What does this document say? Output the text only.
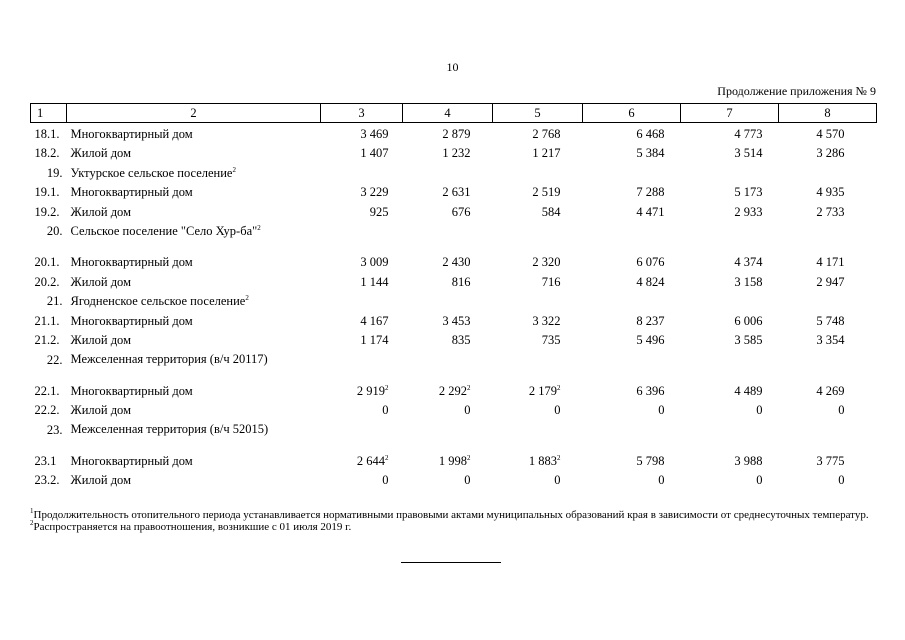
10
Продолжение приложения № 9
1	2	3	4	5	6	7	8
18.1.	Многоквартирный дом	3 469	2 879	2 768	6 468	4 773	4 570
18.2.	Жилой дом	1 407	1 232	1 217	5 384	3 514	3 286
19.	Уктурское сельское поселение$^2$						
19.1.	Многоквартирный дом	3 229	2 631	2 519	7 288	5 173	4 935
19.2.	Жилой дом	925	676	584	4 471	2 933	2 733
20.	Сельское поселение "Село Хур-ба"$^2$						
20.1.	Многоквартирный дом	3 009	2 430	2 320	6 076	4 374	4 171
20.2.	Жилой дом	1 144	816	716	4 824	3 158	2 947
21.	Ягодненское сельское поселение$^2$						
21.1.	Многоквартирный дом	4 167	3 453	3 322	8 237	6 006	5 748
21.2.	Жилой дом	1 174	835	735	5 496	3 585	3 354
22.	Межселенная территория (в/ч 20117)						

22.1.	Многоквартирный дом	2 $919^2$	2 $292^2$	2 $179^2$	6 396	4 489	4 269
22.2.	Жилой дом	0	0	0	0	0	0
23.	Межселенная территория (в/ч 52015)						

23.1	Многоквартирный дом	2 $644^2$	1 $998^2$	1 $883^2$	5 798	3 988	3 775
23.2.	Жилой дом	0	0	0	0	0	0
$^1$Продолжительность отопительного периода устанавливается нормативными правовыми актами муниципальных образований края в зависимости от среднесуточных температур.
$^2$Распространяется на правоотношения, возникшие с 01 июля 2019 г.
